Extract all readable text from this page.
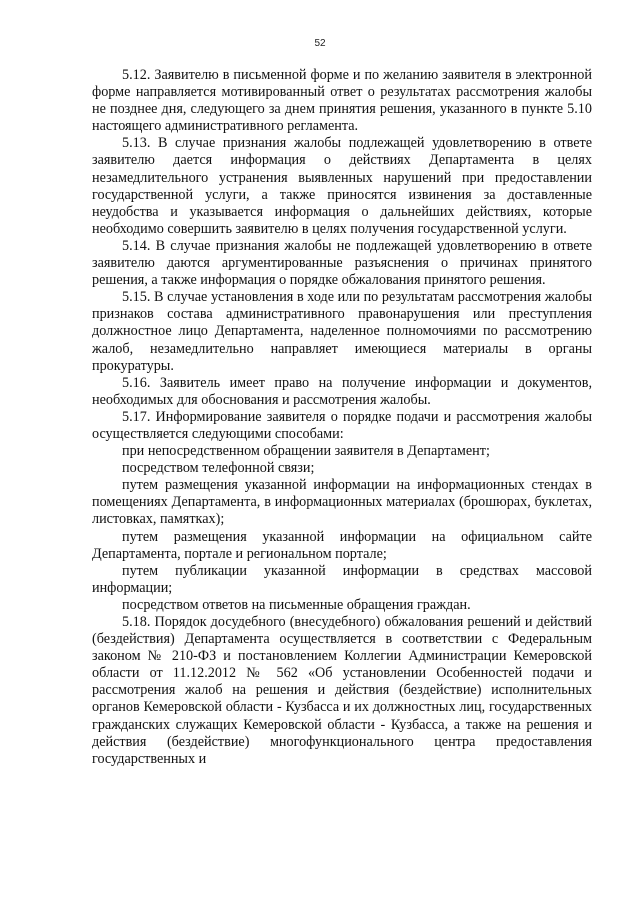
52

5.12. Заявителю в письменной форме и по желанию заявителя в электронной форме направляется мотивированный ответ о результатах рассмотрения жалобы не позднее дня, следующего за днем принятия решения, указанного в пункте 5.10 настоящего административного регламента.

5.13. В случае признания жалобы подлежащей удовлетворению в ответе заявителю дается информация о действиях Департамента в целях незамедлительного устранения выявленных нарушений при предоставлении государственной услуги, а также приносятся извинения за доставленные неудобства и указывается информация о дальнейших действиях, которые необходимо совершить заявителю в целях получения государственной услуги.

5.14. В случае признания жалобы не подлежащей удовлетворению в ответе заявителю даются аргументированные разъяснения о причинах принятого решения, а также информация о порядке обжалования принятого решения.

5.15. В случае установления в ходе или по результатам рассмотрения жалобы признаков состава административного правонарушения или преступления должностное лицо Департамента, наделенное полномочиями по рассмотрению жалоб, незамедлительно направляет имеющиеся материалы в органы прокуратуры.

5.16. Заявитель имеет право на получение информации и документов, необходимых для обоснования и рассмотрения жалобы.

5.17. Информирование заявителя о порядке подачи и рассмотрения жалобы осуществляется следующими способами:

при непосредственном обращении заявителя в Департамент;

посредством телефонной связи;

путем размещения указанной информации на информационных стендах в помещениях Департамента, в информационных материалах (брошюрах, буклетах, листовках, памятках);

путем размещения указанной информации на официальном сайте Департамента, портале и региональном портале;

путем публикации указанной информации в средствах массовой информации;

посредством ответов на письменные обращения граждан.

5.18. Порядок досудебного (внесудебного) обжалования решений и действий (бездействия) Департамента осуществляется в соответствии с Федеральным законом № 210-ФЗ и постановлением Коллегии Администрации Кемеровской области от 11.12.2012 № 562 «Об установлении Особенностей подачи и рассмотрения жалоб на решения и действия (бездействие) исполнительных органов Кемеровской области - Кузбасса и их должностных лиц, государственных гражданских служащих Кемеровской области - Кузбасса, а также на решения и действия (бездействие) многофункционального центра предоставления государственных и
